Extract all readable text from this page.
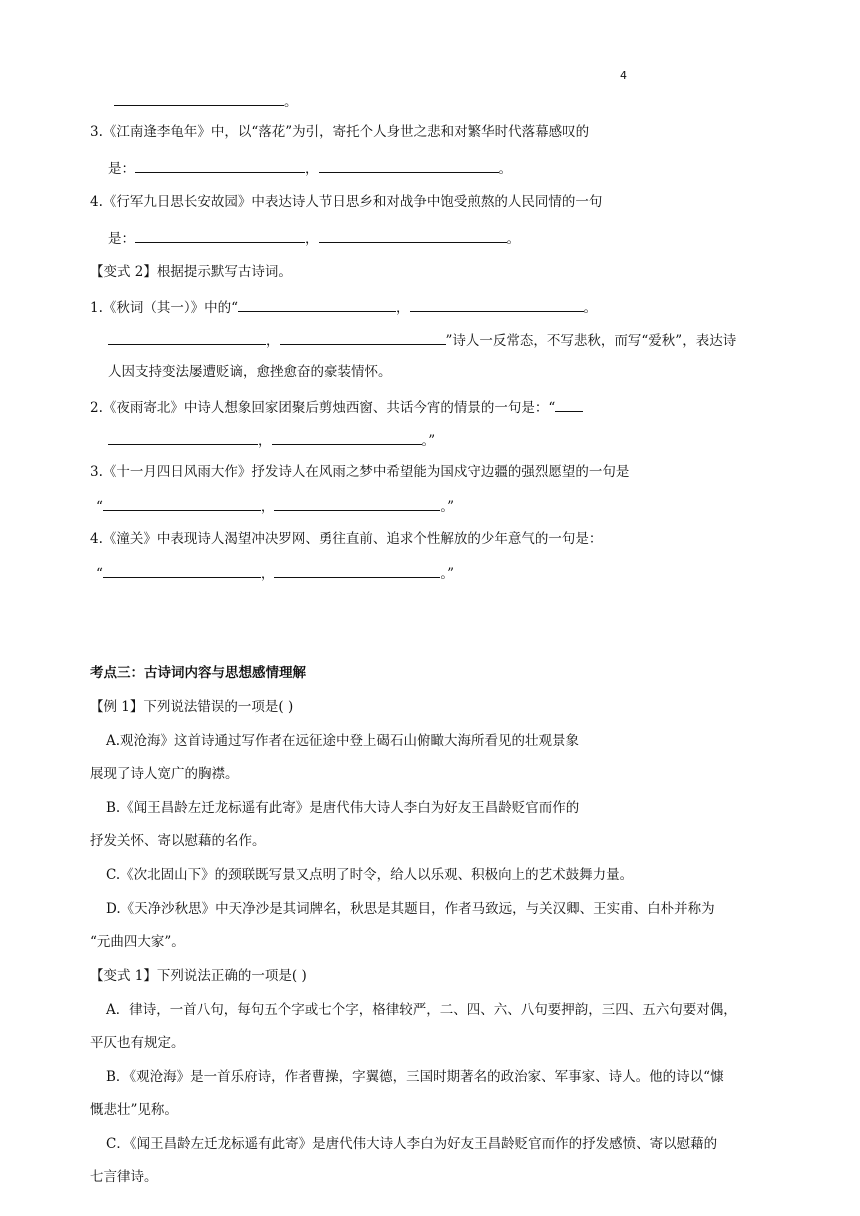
4
。
3.《江南逢李龟年》中，以“落花”为引，寄托个人身世之悲和对繁华时代落幕感叹的
是：	，	。
4.《行军九日思长安故园》中表达诗人节日思乡和对战争中饱受煎熬的人民同情的一句
是：	，	。
【变式 2】根据提示默写古诗词。
1.《秋词（其一）》中的“	，	。
，	”诗人一反常态，不写悲秋，而写“爱秋”，表达诗
人因支持变法屡遭贬谪，愈挫愈奋的豪装情怀。
2.《夜雨寄北》中诗人想象回家团聚后剪烛西窗、共话今宵的情景的一句是：“
，	。”
3.《十一月四日风雨大作》抒发诗人在风雨之梦中希望能为国戍守边疆的强烈愿望的一句是
“	，	。”
4.《潼关》中表现诗人渴望冲决罗网、勇往直前、追求个性解放的少年意气的一句是：
“	，	。”
考点三：古诗词内容与思想感情理解
【例 1】下列说法错误的一项是( )
A.观沧海》这首诗通过写作者在远征途中登上碣石山俯瞰大海所看见的壮观景象
展现了诗人宽广的胸襟。
B.《闻王昌龄左迁龙标遥有此寄》是唐代伟大诗人李白为好友王昌龄贬官而作的
抒发关怀、寄以慰藉的名作。
C.《次北固山下》的颈联既写景又点明了时令，给人以乐观、积极向上的艺术鼓舞力量。
D.《天净沙秋思》中天净沙是其词牌名，秋思是其题目，作者马致远，与关汉卿、王实甫、白朴并称为
“元曲四大家”。
【变式 1】下列说法正确的一项是( )
A．律诗，一首八句，每句五个字或七个字，格律较严，二、四、六、八句要押韵，三四、五六句要对偶，
平仄也有规定。
B．《观沧海》是一首乐府诗，作者曹操，字翼德，三国时期著名的政治家、军事家、诗人。他的诗以“慷
慨悲壮”见称。
C．《闻王昌龄左迁龙标遥有此寄》是唐代伟大诗人李白为好友王昌龄贬官而作的抒发感愤、寄以慰藉的
七言律诗。
